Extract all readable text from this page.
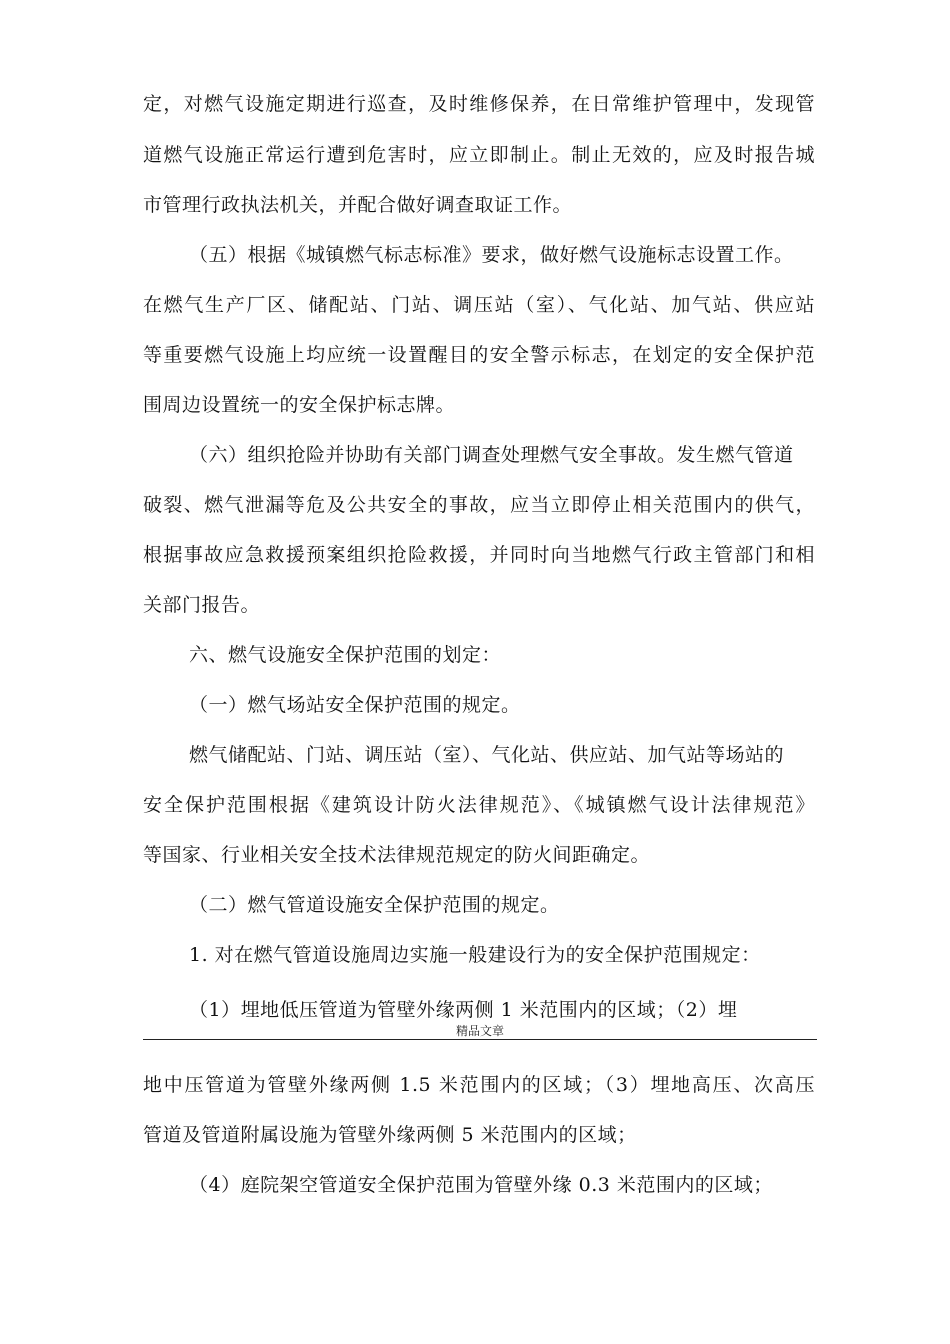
定，对燃气设施定期进行巡查，及时维修保养，在日常维护管理中，发现管
道燃气设施正常运行遭到危害时，应立即制止。制止无效的，应及时报告城
市管理行政执法机关，并配合做好调查取证工作。
（五）根据《城镇燃气标志标准》要求，做好燃气设施标志设置工作。
在燃气生产厂区、储配站、门站、调压站（室）、气化站、加气站、供应站
等重要燃气设施上均应统一设置醒目的安全警示标志，在划定的安全保护范
围周边设置统一的安全保护标志牌。
（六）组织抢险并协助有关部门调查处理燃气安全事故。发生燃气管道
破裂、燃气泄漏等危及公共安全的事故，应当立即停止相关范围内的供气，
根据事故应急救援预案组织抢险救援，并同时向当地燃气行政主管部门和相
关部门报告。
六、燃气设施安全保护范围的划定：
（一）燃气场站安全保护范围的规定。
燃气储配站、门站、调压站（室）、气化站、供应站、加气站等场站的
安全保护范围根据《建筑设计防火法律规范》、《城镇燃气设计法律规范》
等国家、行业相关安全技术法律规范规定的防火间距确定。
（二）燃气管道设施安全保护范围的规定。
1. 对在燃气管道设施周边实施一般建设行为的安全保护范围规定：
（1）埋地低压管道为管壁外缘两侧 1 米范围内的区域；（2）埋
精品文章
地中压管道为管壁外缘两侧 1.5 米范围内的区域；（3）埋地高压、次高压
管道及管道附属设施为管壁外缘两侧 5 米范围内的区域；
（4）庭院架空管道安全保护范围为管壁外缘 0.3 米范围内的区域；
